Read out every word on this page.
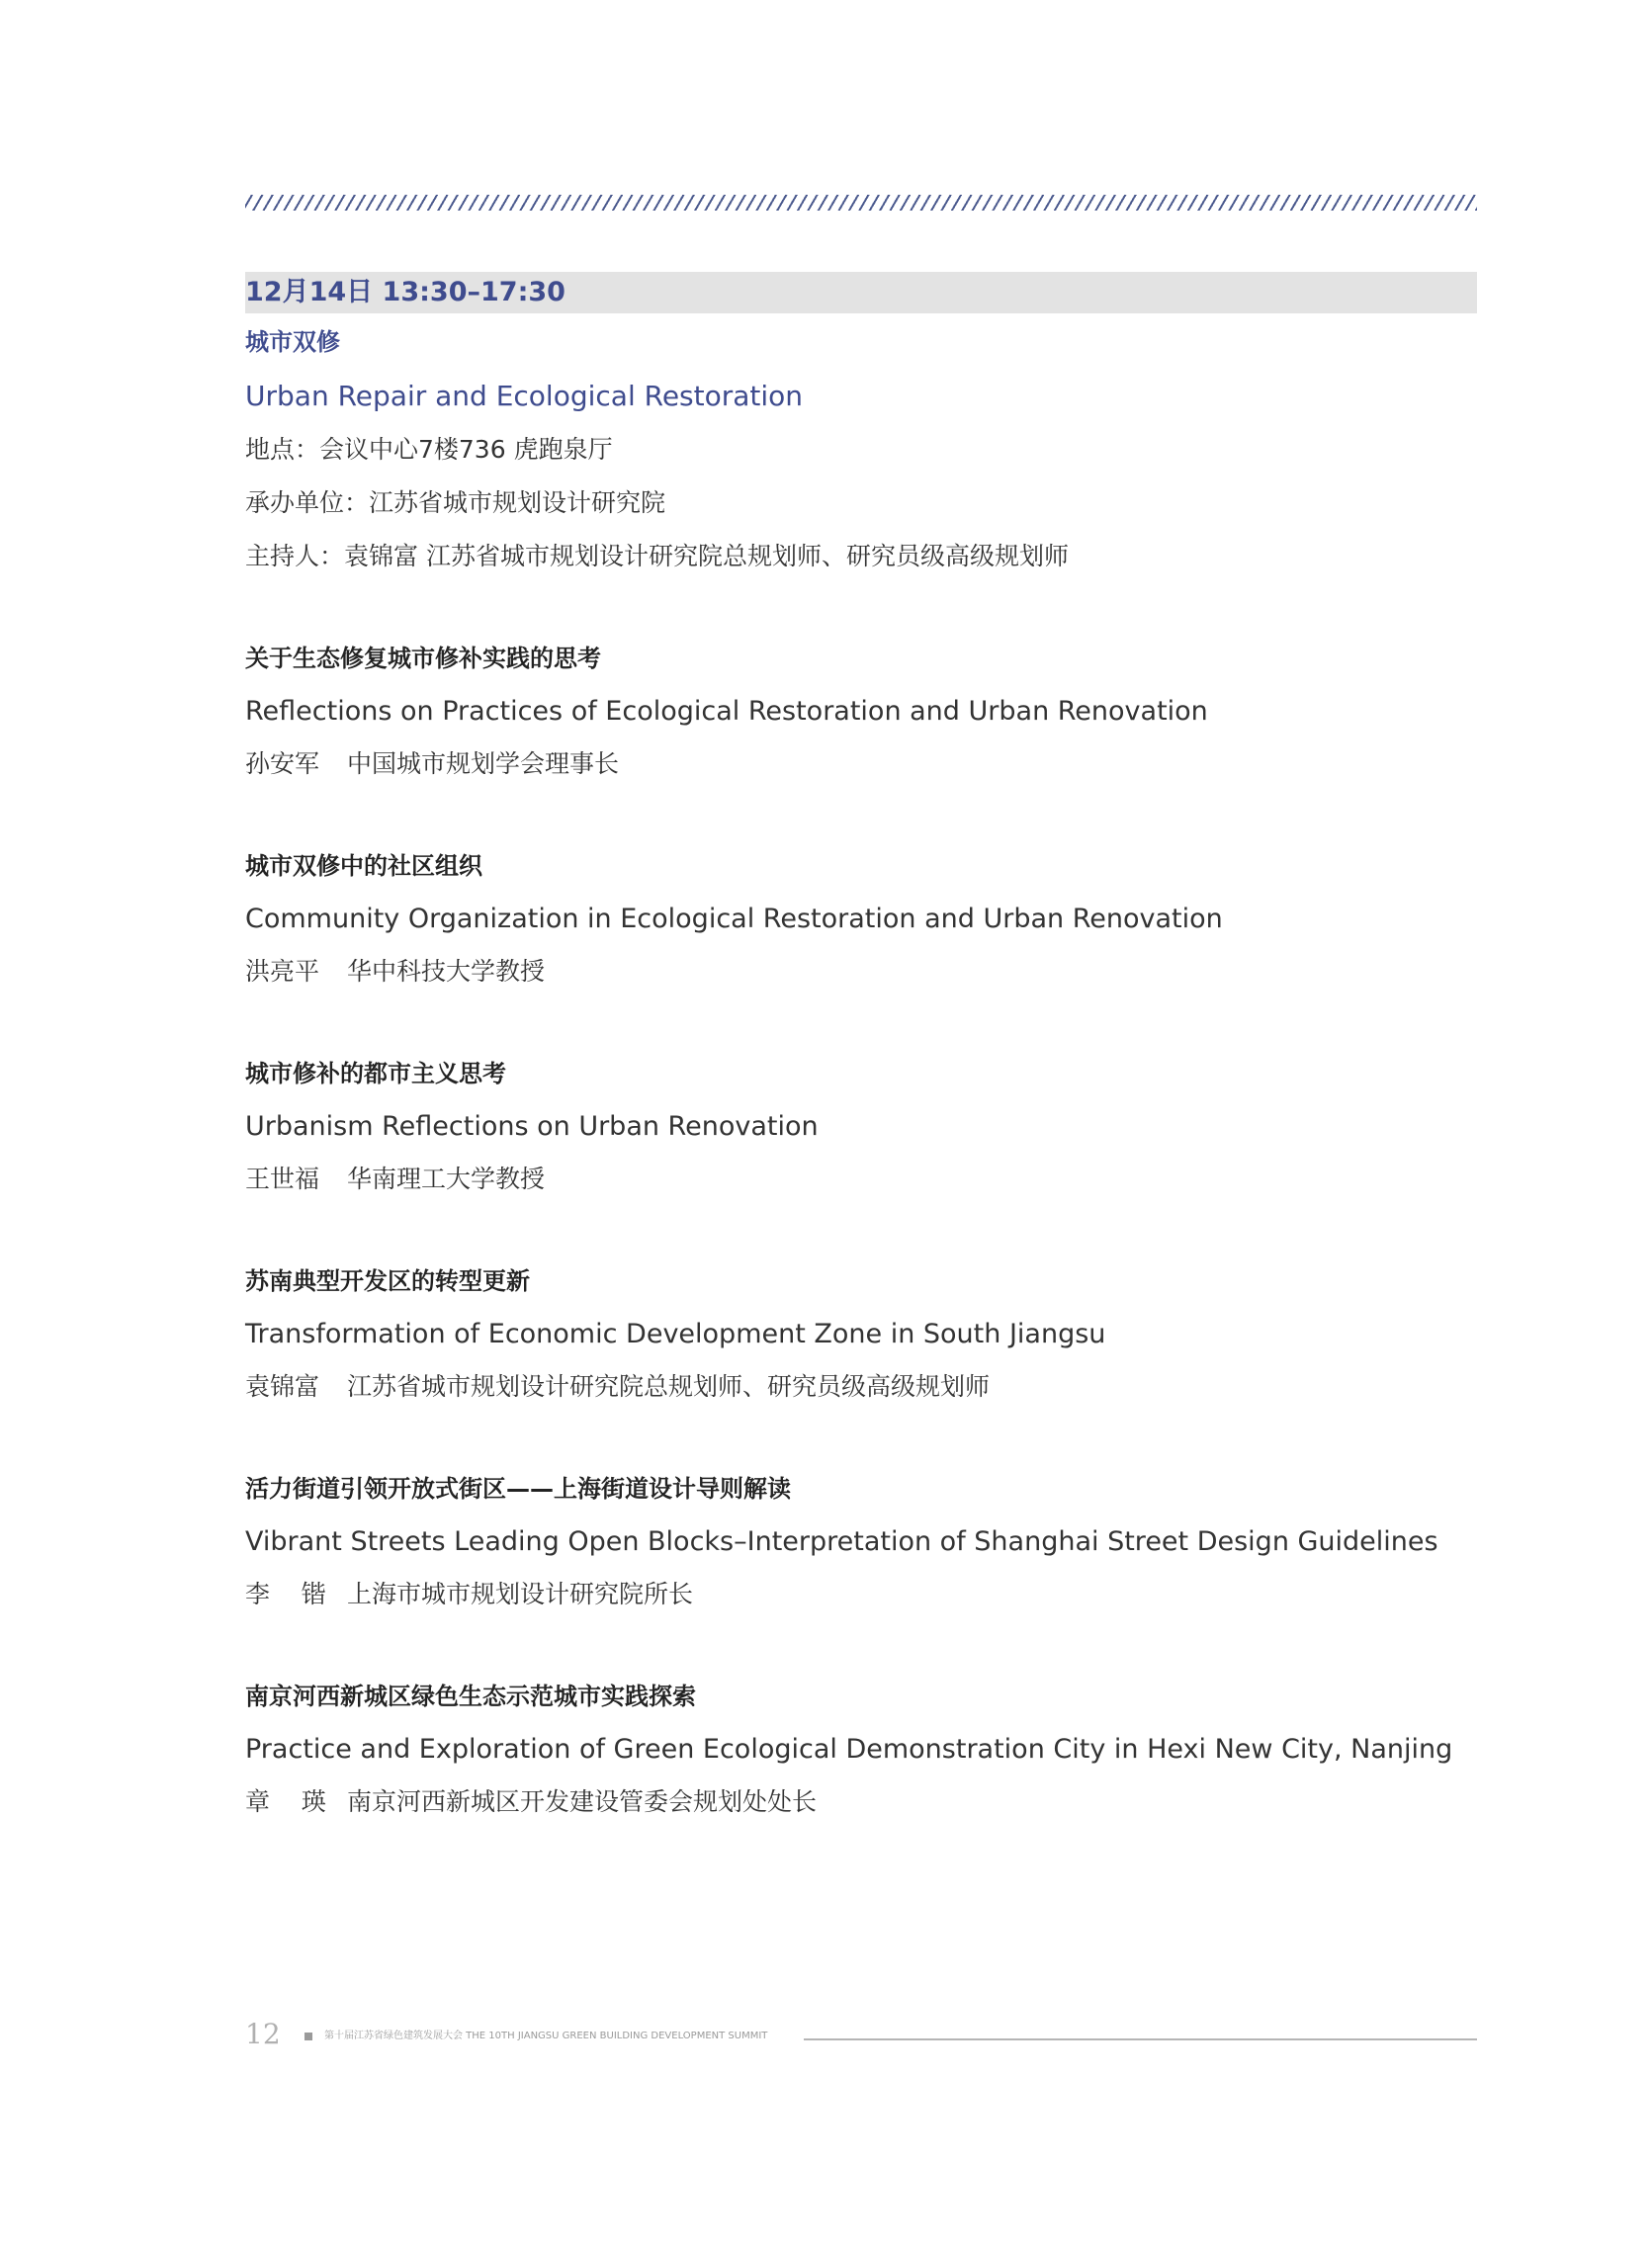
12月14日 13:30–17:30
城市双修
Urban Repair and Ecological Restoration
地点：会议中心7楼736 虎跑泉厅
承办单位：江苏省城市规划设计研究院
主持人：袁锦富 江苏省城市规划设计研究院总规划师、研究员级高级规划师
关于生态修复城市修补实践的思考
Reflections on Practices of Ecological Restoration and Urban Renovation
孙安军 中国城市规划学会理事长
城市双修中的社区组织
Community Organization in Ecological Restoration and Urban Renovation
洪亮平 华中科技大学教授
城市修补的都市主义思考
Urbanism Reflections on Urban Renovation
王世福 华南理工大学教授
苏南典型开发区的转型更新
Transformation of Economic Development Zone in South Jiangsu
袁锦富 江苏省城市规划设计研究院总规划师、研究员级高级规划师
活力街道引领开放式街区——上海街道设计导则解读
Vibrant Streets Leading Open Blocks–Interpretation of Shanghai Street Design Guidelines
李    锴 上海市城市规划设计研究院所长
南京河西新城区绿色生态示范城市实践探索
Practice and Exploration of Green Ecological Demonstration City in Hexi New City, Nanjing
章    瑛 南京河西新城区开发建设管委会规划处处长
12	第十届江苏省绿色建筑发展大会 THE 10TH JIANGSU GREEN BUILDING DEVELOPMENT SUMMIT
